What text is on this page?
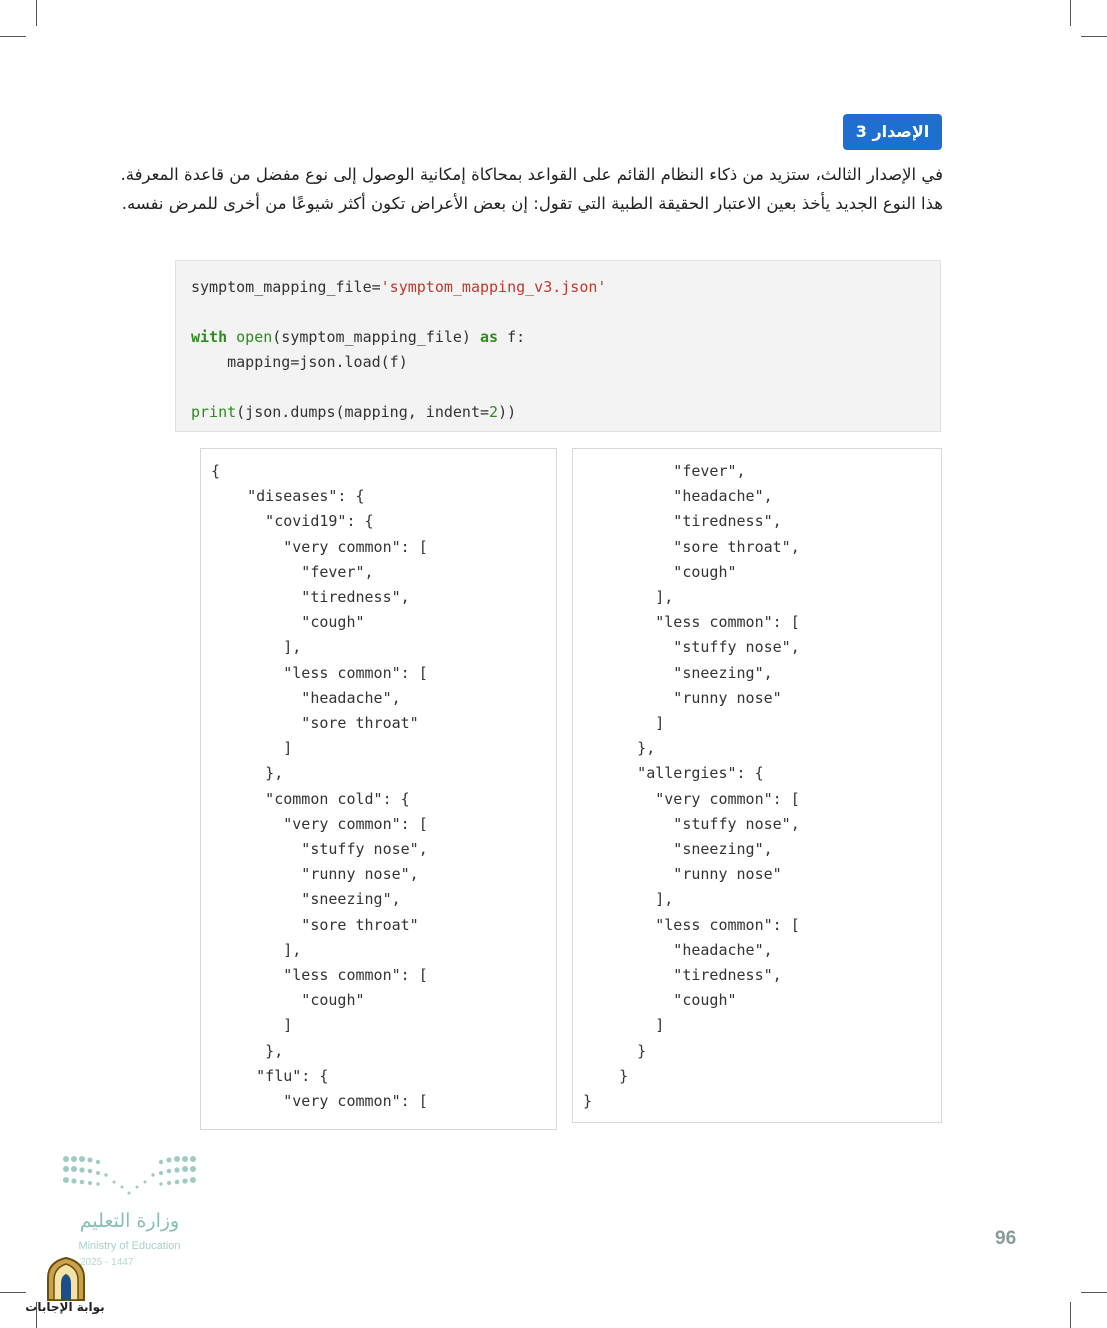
الإصدار 3

في الإصدار الثالث، ستزيد من ذكاء النظام القائم على القواعد بمحاكاة إمكانية الوصول إلى نوع مفضل من قاعدة المعرفة. هذا النوع الجديد يأخذ بعين الاعتبار الحقيقة الطبية التي تقول: إن بعض الأعراض تكون أكثر شيوعًا من أخرى للمرض نفسه.

symptom_mapping_file='symptom_mapping_v3.json'

with open(symptom_mapping_file) as f:
mapping=json.load(f)

print(json.dumps(mapping, indent=2))
{
"diseases": {
"covid19": {
"very common": [
"fever",
"tiredness",
"cough"
],
"less common": [
"headache",
"sore throat"
]
},
"common cold": {
"very common": [
"stuffy nose",
"runny nose",
"sneezing",
"sore throat"
],
"less common": [
"cough"
]
},
"flu": {
"very common": [
"fever",
"headache",
"tiredness",
"sore throat",
"cough"
],
"less common": [
"stuffy nose",
"sneezing",
"runny nose"
]
},
"allergies": {
"very common": [
"stuffy nose",
"sneezing",
"runny nose"
],
"less common": [
"headache",
"tiredness",
"cough"
]
}
}
}
وزارة التعليم
Ministry of Education
2025 - 1447
96
بوابة الإجابات
